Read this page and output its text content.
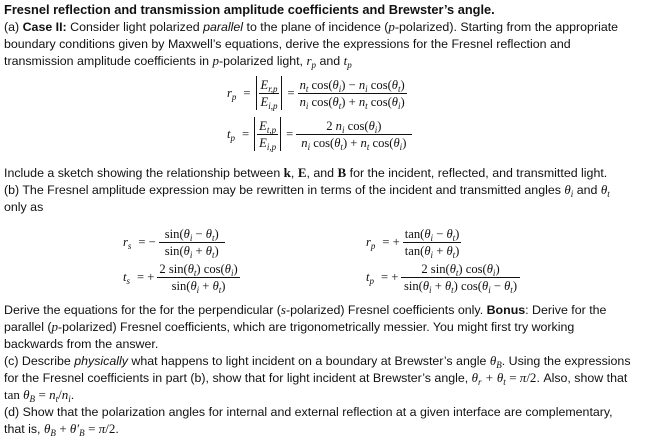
Fresnel reflection and transmission amplitude coefficients and Brewster’s angle.
(a) Case II: Consider light polarized parallel to the plane of incidence (p-polarized). Starting from the appropriate
boundary conditions given by Maxwell’s equations, derive the expressions for the Fresnel reflection and
transmission amplitude coefficients in p-polarized light, $r_p$ and $t_p$
$r_p = \frac{E_{r,p}}{E_{i,p}} = \frac{n_t \cos(\theta_i) - n_i \cos(\theta_t)}{n_i \cos(\theta_t) + n_t \cos(\theta_i)}$
$t_p = \frac{E_{t,p}}{E_{i,p}} = \frac{2 n_i \cos(\theta_i)}{n_i \cos(\theta_t) + n_t \cos(\theta_i)}$
Include a sketch showing the relationship between k, E, and B for the incident, reflected, and transmitted light.
(b) The Fresnel amplitude expression may be rewritten in terms of the incident and transmitted angles $\theta_i$ and $\theta_t$
only as
$r_s$ = − $\frac{\sin(\theta_i - \theta_t)}{\sin(\theta_i + \theta_t)}$
$t_s$ = + $\frac{2 \sin(\theta_t) \cos(\theta_i)}{\sin(\theta_i + \theta_t)}$
$r_p$ = + $\frac{\tan(\theta_i - \theta_t)}{\tan(\theta_i + \theta_t)}$
$t_p$ = + $\frac{2 \sin(\theta_t) \cos(\theta_i)}{\sin(\theta_i + \theta_t) \cos(\theta_i - \theta_t)}$
Derive the equations for the for the perpendicular (s-polarized) Fresnel coefficients only. Bonus: Derive for the
parallel (p-polarized) Fresnel coefficients, which are trigonometrically messier. You might first try working
backwards from the answer.
(c) Describe physically what happens to light incident on a boundary at Brewster’s angle $\theta_B$. Using the expressions
for the Fresnel coefficients in part (b), show that for light incident at Brewster’s angle, $\theta_r + \theta_t = \pi/2$. Also, show that
$\tan \theta_B = n_t/n_i$.
(d) Show that the polarization angles for internal and external reflection at a given interface are complementary,
that is, $\theta_B + \theta'_B = \pi/2$.
